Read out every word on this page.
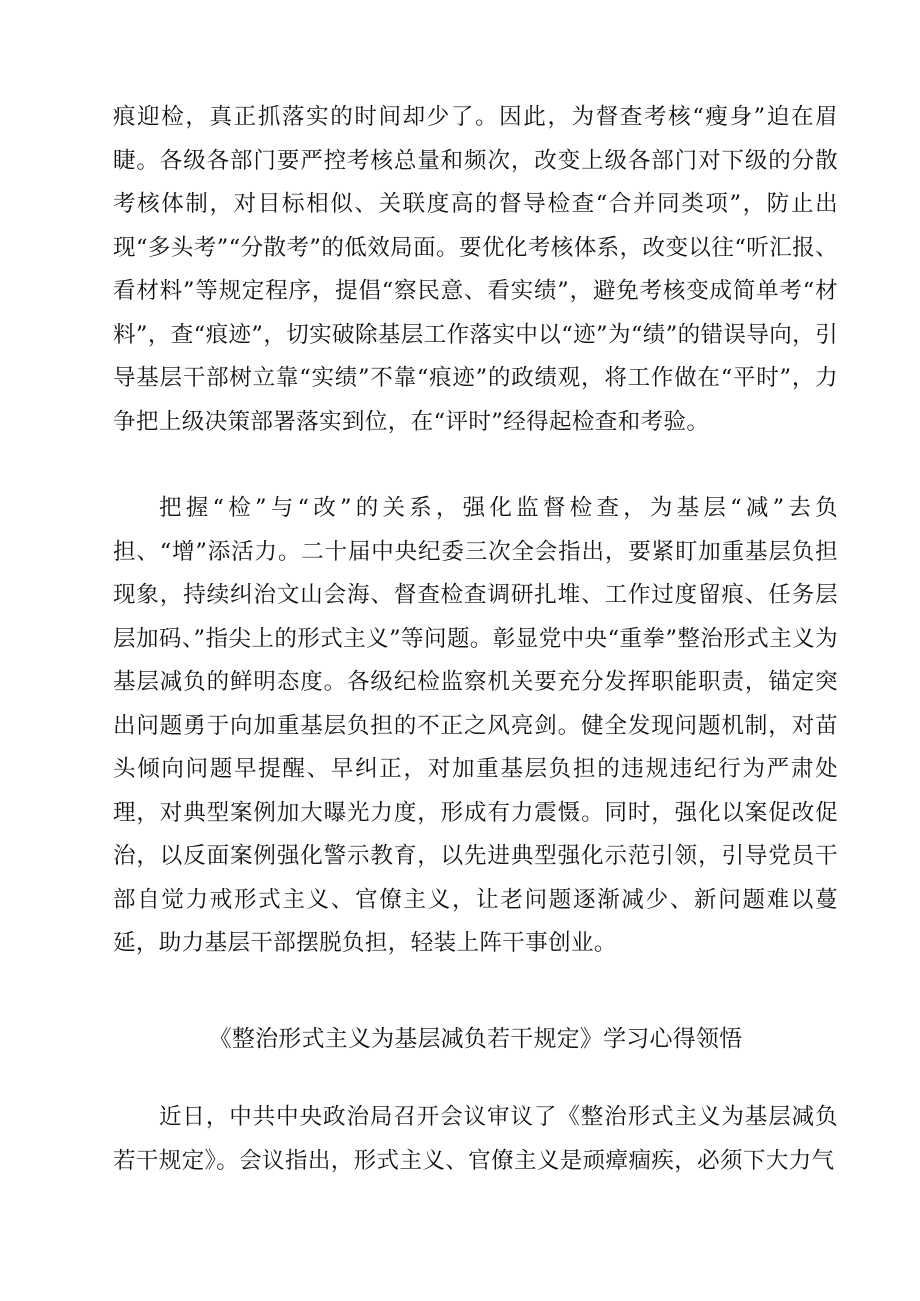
痕迎检，真正抓落实的时间却少了。因此，为督查考核“瘦身”迫在眉睫。各级各部门要严控考核总量和频次，改变上级各部门对下级的分散考核体制，对目标相似、关联度高的督导检查“合并同类项”，防止出现“多头考”“分散考”的低效局面。要优化考核体系，改变以往“听汇报、看材料”等规定程序，提倡“察民意、看实绩”，避免考核变成简单考“材料”，查“痕迹”，切实破除基层工作落实中以“迹”为“绩”的错误导向，引导基层干部树立靠“实绩”不靠“痕迹”的政绩观，将工作做在“平时”，力争把上级决策部署落实到位，在“评时”经得起检查和考验。

把握“检”与“改”的关系，强化监督检查，为基层“减”去负担、“增”添活力。二十届中央纪委三次全会指出，要紧盯加重基层负担现象，持续纠治文山会海、督查检查调研扎堆、工作过度留痕、任务层层加码、”指尖上的形式主义”等问题。彰显党中央“重拳”整治形式主义为基层减负的鲜明态度。各级纪检监察机关要充分发挥职能职责，锚定突出问题勇于向加重基层负担的不正之风亮剑。健全发现问题机制，对苗头倾向问题早提醒、早纠正，对加重基层负担的违规违纪行为严肃处理，对典型案例加大曝光力度，形成有力震慑。同时，强化以案促改促治，以反面案例强化警示教育，以先进典型强化示范引领，引导党员干部自觉力戒形式主义、官僚主义，让老问题逐渐减少、新问题难以蔓延，助力基层干部摆脱负担，轻装上阵干事创业。

《整治形式主义为基层减负若干规定》学习心得领悟

近日，中共中央政治局召开会议审议了《整治形式主义为基层减负若干规定》。会议指出，形式主义、官僚主义是顽瘴痼疾，必须下大力气
